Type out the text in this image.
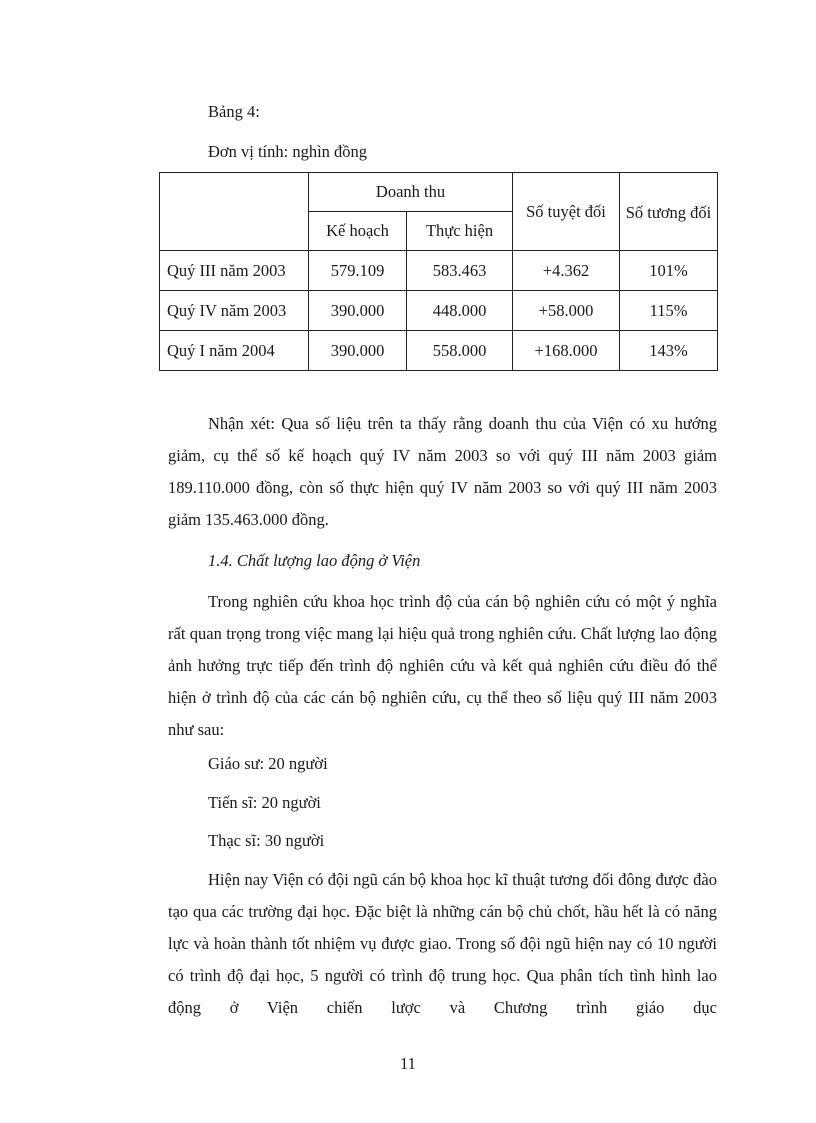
Bảng 4:
Đơn vị tính: nghìn đồng
	Doanh thu		Số tuyệt đối	Số tương đối
	Kế hoạch	Thực hiện		
Quý III năm 2003	579.109	583.463	+4.362	101%
Quý IV năm 2003	390.000	448.000	+58.000	115%
Quý I năm 2004	390.000	558.000	+168.000	143%

Nhận xét: Qua số liệu trên ta thấy rằng doanh thu của Viện có xu hướng giảm, cụ thể số kế hoạch quý IV năm 2003 so với quý III năm 2003 giảm 189.110.000 đồng, còn số thực hiện quý IV năm 2003 so với quý III năm 2003 giảm 135.463.000 đồng.

1.4. Chất lượng lao động ở Viện

Trong nghiên cứu khoa học trình độ của cán bộ nghiên cứu có một ý nghĩa rất quan trọng trong việc mang lại hiệu quả trong nghiên cứu. Chất lượng lao động ảnh hưởng trực tiếp đến trình độ nghiên cứu và kết quả nghiên cứu điều đó thể hiện ở trình độ của các cán bộ nghiên cứu, cụ thể theo số liệu quý III năm 2003 như sau:

Giáo sư: 20 người
Tiến sĩ: 20 người
Thạc sĩ: 30 người

Hiện nay Viện có đội ngũ cán bộ khoa học kĩ thuật tương đối đông được đào tạo qua các trường đại học. Đặc biệt là những cán bộ chủ chốt, hầu hết là có năng lực và hoàn thành tốt nhiệm vụ được giao. Trong số đội ngũ hiện nay có 10 người có trình độ đại học, 5 người có trình độ trung học. Qua phân tích tình hình lao động ở Viện chiến lược và Chương trình giáo dục

11
